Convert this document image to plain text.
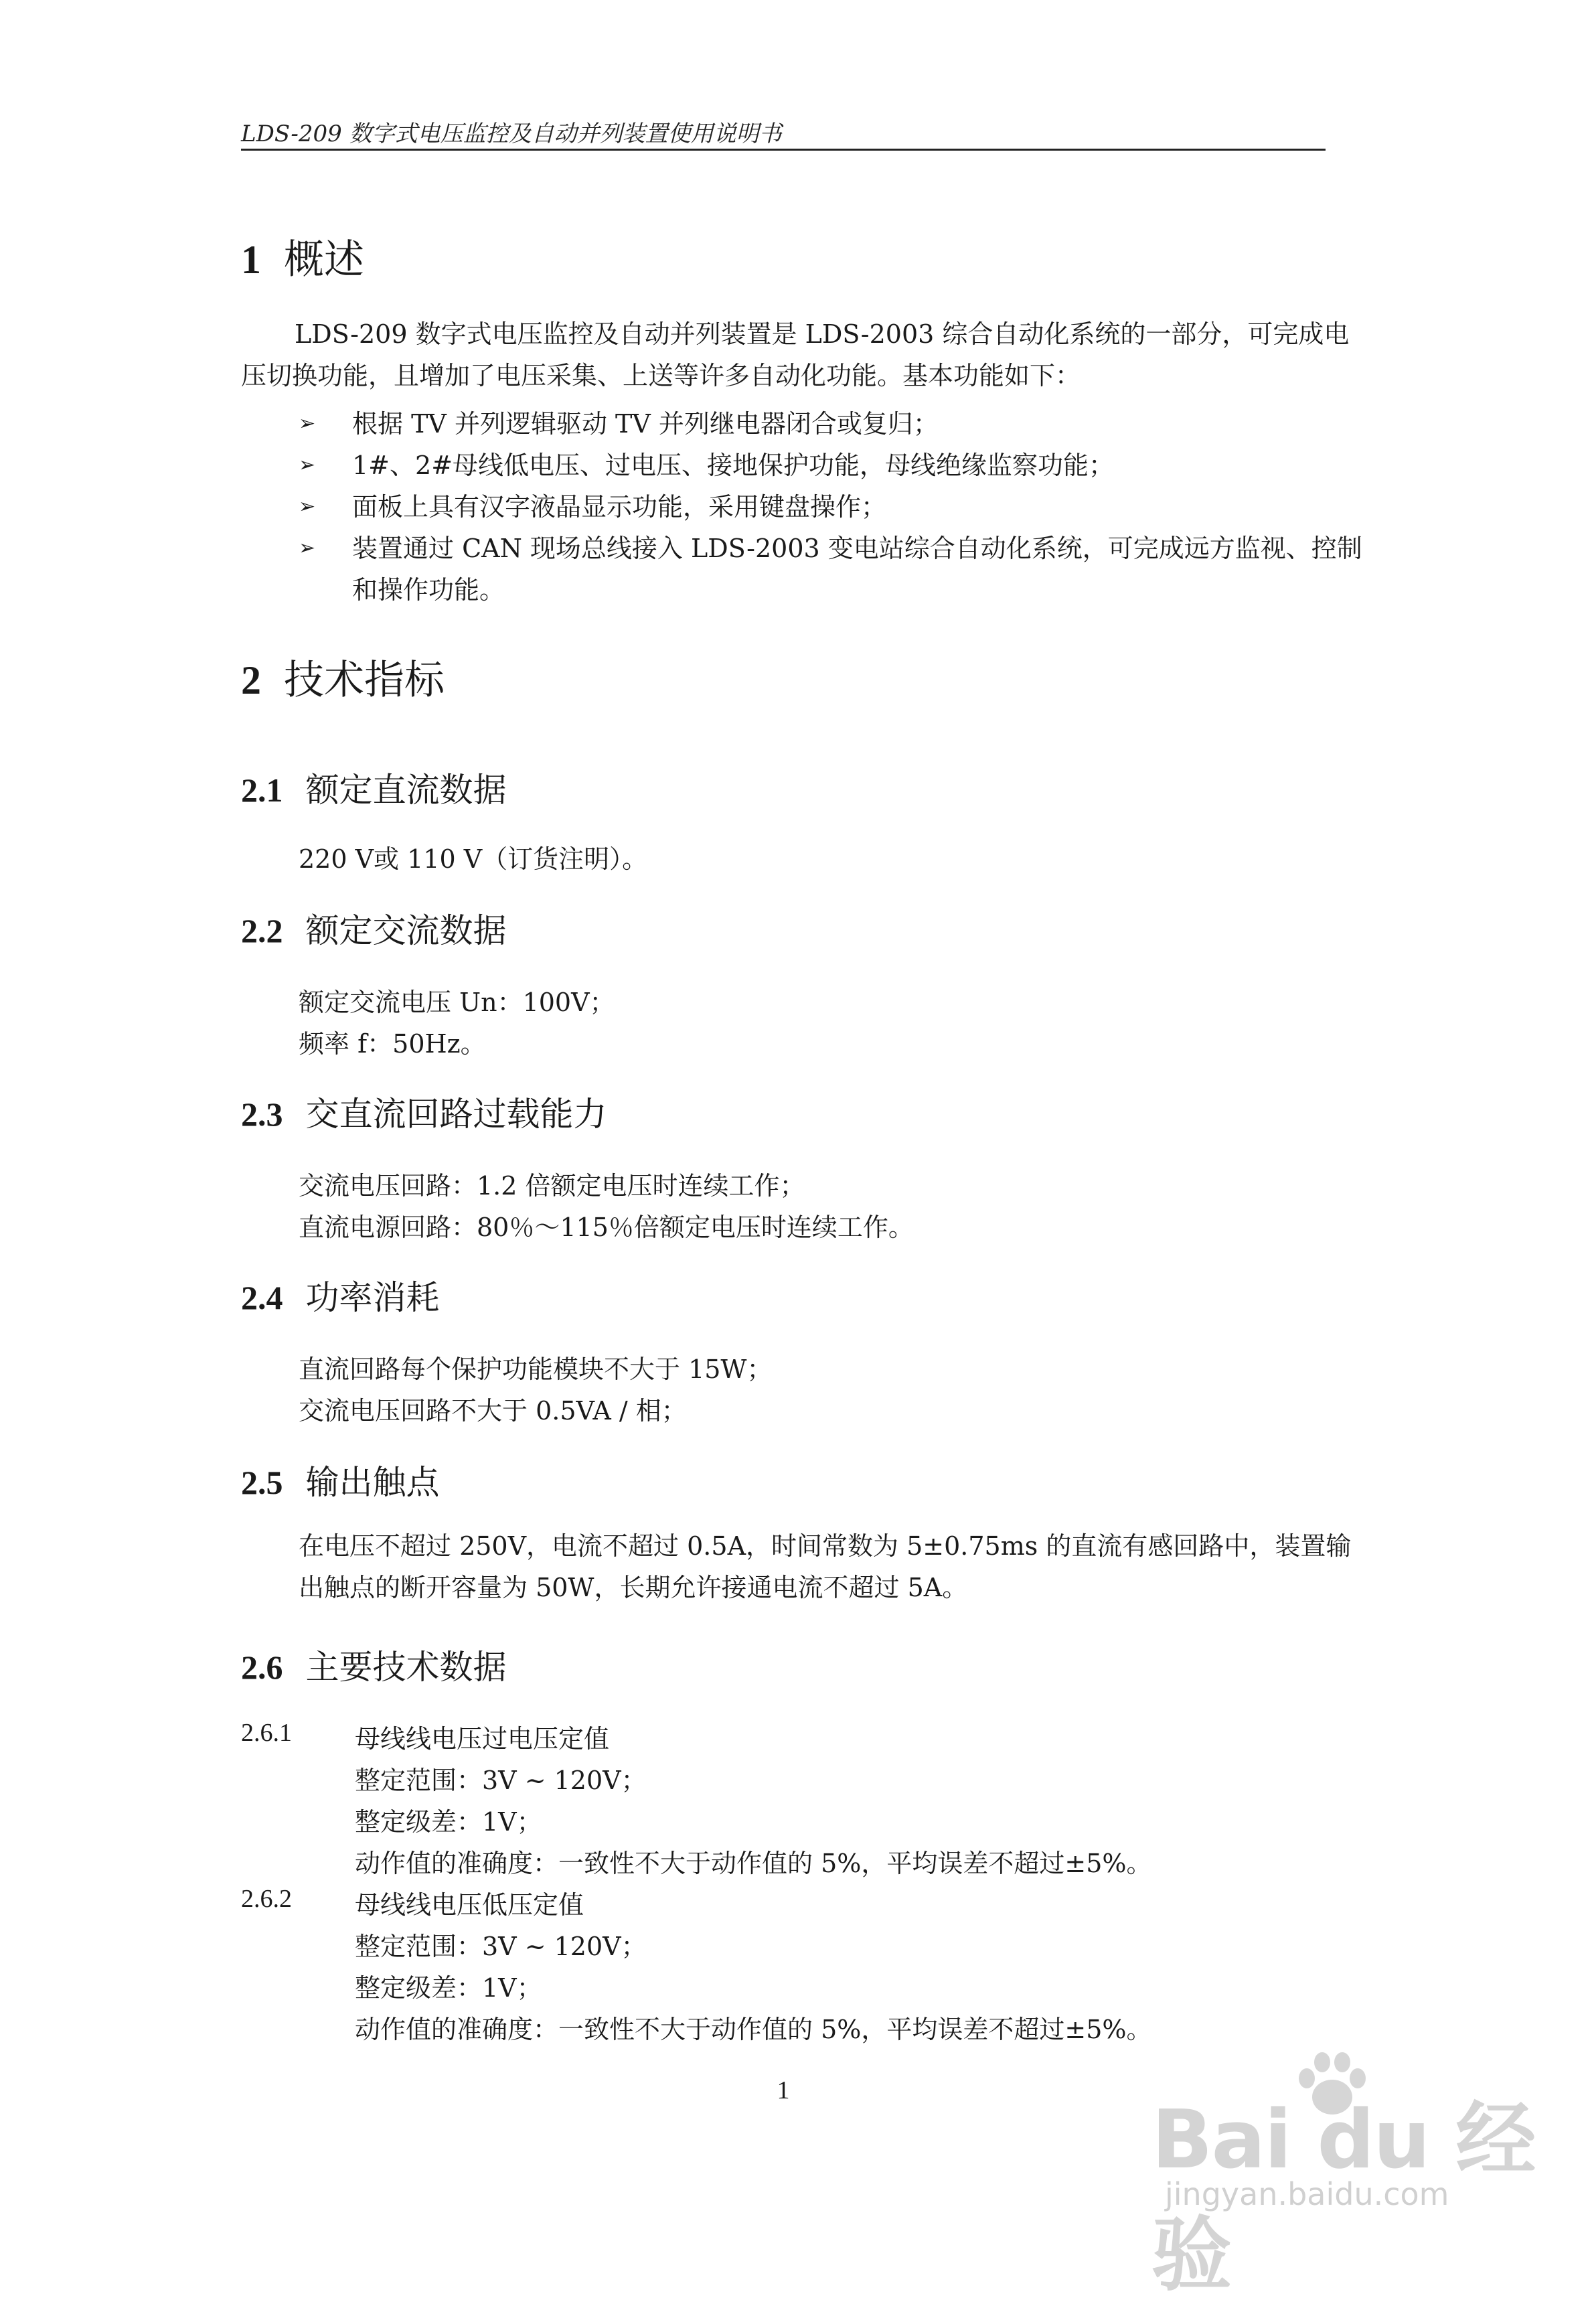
LDS-209 数字式电压监控及自动并列装置使用说明书
1 概述
LDS-209 数字式电压监控及自动并列装置是 LDS-2003 综合自动化系统的一部分，可完成电压切换功能，且增加了电压采集、上送等许多自动化功能。基本功能如下：
➢ 根据 TV 并列逻辑驱动 TV 并列继电器闭合或复归；
➢ 1#、2#母线低电压、过电压、接地保护功能，母线绝缘监察功能；
➢ 面板上具有汉字液晶显示功能，采用键盘操作；
➢ 装置通过 CAN 现场总线接入 LDS-2003 变电站综合自动化系统，可完成远方监视、控制和操作功能。
2 技术指标
2.1 额定直流数据
220 V或 110 V（订货注明）。
2.2 额定交流数据
额定交流电压 Un：100V；
频率 f：50Hz。
2.3 交直流回路过载能力
交流电压回路：1.2 倍额定电压时连续工作；
直流电源回路：80％～115％倍额定电压时连续工作。
2.4 功率消耗
直流回路每个保护功能模块不大于 15W；
交流电压回路不大于 0.5VA / 相；
2.5 输出触点
在电压不超过 250V，电流不超过 0.5A，时间常数为 5±0.75ms 的直流有感回路中，装置输出触点的断开容量为 50W，长期允许接通电流不超过 5A。
2.6 主要技术数据
2.6.1 母线线电压过电压定值
整定范围：3V ~ 120V；
整定级差：1V；
动作值的准确度：一致性不大于动作值的 5%，平均误差不超过±5%。
2.6.2 母线线电压低压定值
整定范围：3V ~ 120V；
整定级差：1V；
动作值的准确度：一致性不大于动作值的 5%，平均误差不超过±5%。
1
Bai du 经验
jingyan.baidu.com
